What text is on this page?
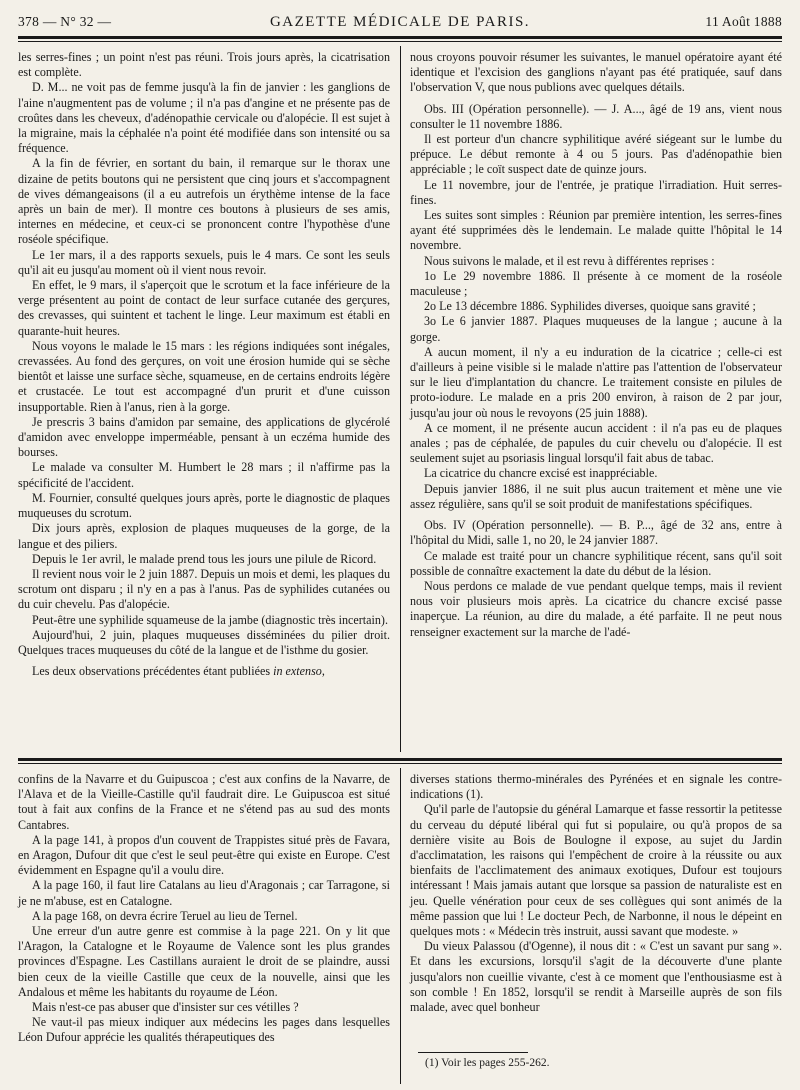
378 — N° 32 —	GAZETTE MÉDICALE DE PARIS.	11 Août 1888

les serres-fines ; un point n'est pas réuni. Trois jours après, la cicatrisation est complète.

D. M... ne voit pas de femme jusqu'à la fin de janvier : les ganglions de l'aine n'augmentent pas de volume ; il n'a pas d'angine et ne présente pas de croûtes dans les cheveux, d'adénopathie cervicale ou d'alopécie. Il est sujet à la migraine, mais la céphalée n'a point été modifiée dans son intensité ou sa fréquence.

A la fin de février, en sortant du bain, il remarque sur le thorax une dizaine de petits boutons qui ne persistent que cinq jours et s'accompagnent de vives démangeaisons (il a eu autrefois un érythème intense de la face après un bain de mer). Il montre ces boutons à plusieurs de ses amis, internes en médecine, et ceux-ci se prononcent contre l'hypothèse d'une roséole spécifique.

Le 1er mars, il a des rapports sexuels, puis le 4 mars. Ce sont les seuls qu'il ait eu jusqu'au moment où il vient nous revoir.

En effet, le 9 mars, il s'aperçoit que le scrotum et la face inférieure de la verge présentent au point de contact de leur surface cutanée des gerçures, des crevasses, qui suintent et tachent le linge. Leur maximum est établi en quarante-huit heures.

Nous voyons le malade le 15 mars : les régions indiquées sont inégales, crevassées. Au fond des gerçures, on voit une érosion humide qui se sèche bientôt et laisse une surface sèche, squameuse, en de certains endroits légère et crustacée. Le tout est accompagné d'un prurit et d'une cuisson insupportable. Rien à l'anus, rien à la gorge.

Je prescris 3 bains d'amidon par semaine, des applications de glycérolé d'amidon avec enveloppe imperméable, pensant à un eczéma humide des bourses.

Le malade va consulter M. Humbert le 28 mars ; il n'affirme pas la spécificité de l'accident.

M. Fournier, consulté quelques jours après, porte le diagnostic de plaques muqueuses du scrotum.

Dix jours après, explosion de plaques muqueuses de la gorge, de la langue et des piliers.

Depuis le 1er avril, le malade prend tous les jours une pilule de Ricord.

Il revient nous voir le 2 juin 1887. Depuis un mois et demi, les plaques du scrotum ont disparu ; il n'y en a pas à l'anus. Pas de syphilides cutanées ou du cuir chevelu. Pas d'alopécie.

Peut-être une syphilide squameuse de la jambe (diagnostic très incertain).

Aujourd'hui, 2 juin, plaques muqueuses disséminées du pilier droit. Quelques traces muqueuses du côté de la langue et de l'isthme du gosier.

Les deux observations précédentes étant publiées in extenso,

nous croyons pouvoir résumer les suivantes, le manuel opératoire ayant été identique et l'excision des ganglions n'ayant pas été pratiquée, sauf dans l'observation V, que nous publions avec quelques détails.

Obs. III (Opération personnelle). — J. A..., âgé de 19 ans, vient nous consulter le 11 novembre 1886.

Il est porteur d'un chancre syphilitique avéré siégeant sur le lumbe du prépuce. Le début remonte à 4 ou 5 jours. Pas d'adénopathie bien appréciable ; le coït suspect date de quinze jours.

Le 11 novembre, jour de l'entrée, je pratique l'irradiation. Huit serres-fines.

Les suites sont simples : Réunion par première intention, les serres-fines ayant été supprimées dès le lendemain. Le malade quitte l'hôpital le 14 novembre.

Nous suivons le malade, et il est revu à différentes reprises :

1o Le 29 novembre 1886. Il présente à ce moment de la roséole maculeuse ;

2o Le 13 décembre 1886. Syphilides diverses, quoique sans gravité ;

3o Le 6 janvier 1887. Plaques muqueuses de la langue ; aucune à la gorge.

A aucun moment, il n'y a eu induration de la cicatrice ; celle-ci est d'ailleurs à peine visible si le malade n'attire pas l'attention de l'observateur sur le lieu d'implantation du chancre. Le traitement consiste en pilules de proto-iodure. Le malade en a pris 200 environ, à raison de 2 par jour, jusqu'au jour où nous le revoyons (25 juin 1888).

A ce moment, il ne présente aucun accident : il n'a pas eu de plaques anales ; pas de céphalée, de papules du cuir chevelu ou d'alopécie. Il est seulement sujet au psoriasis lingual lorsqu'il fait abus de tabac.

La cicatrice du chancre excisé est inappréciable.

Depuis janvier 1886, il ne suit plus aucun traitement et mène une vie assez régulière, sans qu'il se soit produit de manifestations spécifiques.

Obs. IV (Opération personnelle). — B. P..., âgé de 32 ans, entre à l'hôpital du Midi, salle 1, no 20, le 24 janvier 1887.

Ce malade est traité pour un chancre syphilitique récent, sans qu'il soit possible de connaître exactement la date du début de la lésion.

Nous perdons ce malade de vue pendant quelque temps, mais il revient nous voir plusieurs mois après. La cicatrice du chancre excisé passe inaperçue. La réunion, au dire du malade, a été parfaite. Il ne peut nous renseigner exactement sur la marche de l'adé-

confins de la Navarre et du Guipuscoa ; c'est aux confins de la Navarre, de l'Alava et de la Vieille-Castille qu'il faudrait dire. Le Guipuscoa est situé tout à fait aux confins de la France et ne s'étend pas au sud des monts Cantabres.

A la page 141, à propos d'un couvent de Trappistes situé près de Favara, en Aragon, Dufour dit que c'est le seul peut-être qui existe en Europe. C'est évidemment en Espagne qu'il a voulu dire.

A la page 160, il faut lire Catalans au lieu d'Aragonais ; car Tarragone, si je ne m'abuse, est en Catalogne.

A la page 168, on devra écrire Teruel au lieu de Ternel.

Une erreur d'un autre genre est commise à la page 221. On y lit que l'Aragon, la Catalogne et le Royaume de Valence sont les plus grandes provinces d'Espagne. Les Castillans auraient le droit de se plaindre, aussi bien ceux de la vieille Castille que ceux de la nouvelle, ainsi que les Andalous et même les habitants du royaume de Léon.

Mais n'est-ce pas abuser que d'insister sur ces vétilles ?

Ne vaut-il pas mieux indiquer aux médecins les pages dans lesquelles Léon Dufour apprécie les qualités thérapeutiques des

diverses stations thermo-minérales des Pyrénées et en signale les contre-indications (1).

Qu'il parle de l'autopsie du général Lamarque et fasse ressortir la petitesse du cerveau du député libéral qui fut si populaire, ou qu'à propos de sa dernière visite au Bois de Boulogne il expose, au sujet du Jardin d'acclimatation, les raisons qui l'empêchent de croire à la réussite ou aux bienfaits de l'acclimatement des animaux exotiques, Dufour est toujours intéressant ! Mais jamais autant que lorsque sa passion de naturaliste est en jeu. Quelle vénération pour ceux de ses collègues qui sont animés de la même passion que lui ! Le docteur Pech, de Narbonne, il nous le dépeint en quelques mots : « Médecin très instruit, aussi savant que modeste. »

Du vieux Palassou (d'Ogenne), il nous dit : « C'est un savant pur sang ». Et dans les excursions, lorsqu'il s'agit de la découverte d'une plante jusqu'alors non cueillie vivante, c'est à ce moment que l'enthousiasme est à son comble ! En 1852, lorsqu'il se rendit à Marseille auprès de son fils malade, avec quel bonheur

(1) Voir les pages 255-262.
